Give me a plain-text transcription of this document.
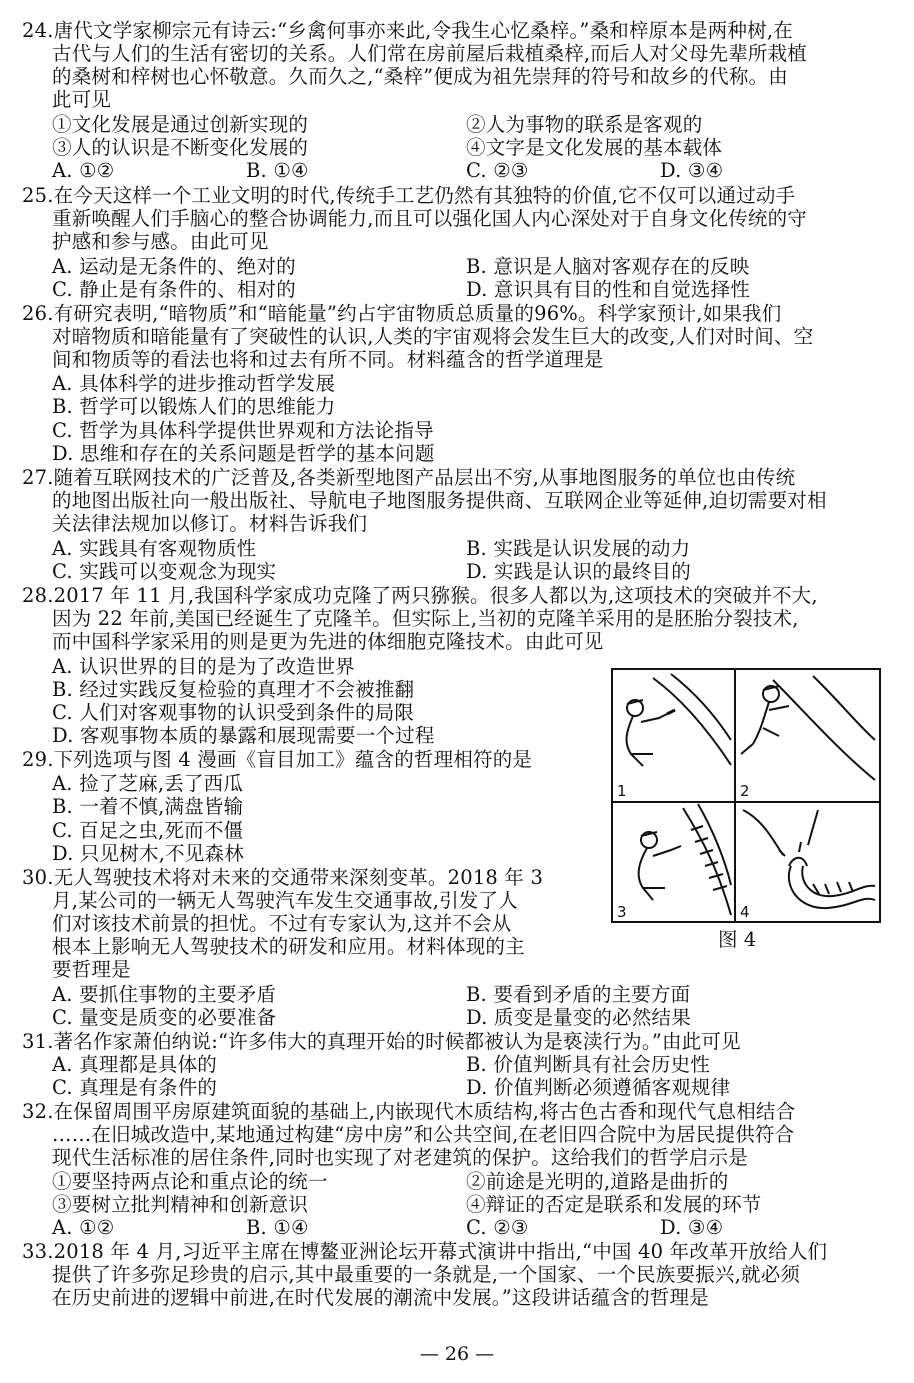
24.唐代文学家柳宗元有诗云:“乡禽何事亦来此,令我生心忆桑梓。”桑和梓原本是两种树,在
古代与人们的生活有密切的关系。人们常在房前屋后栽植桑梓,而后人对父母先辈所栽植
的桑树和梓树也心怀敬意。久而久之,“桑梓”便成为祖先崇拜的符号和故乡的代称。由
此可见
①文化发展是通过创新实现的	②人为事物的联系是客观的
③人的认识是不断变化发展的	④文字是文化发展的基本载体
A. ①②	B. ①④	C. ②③	D. ③④
25.在今天这样一个工业文明的时代,传统手工艺仍然有其独特的价值,它不仅可以通过动手
重新唤醒人们手脑心的整合协调能力,而且可以强化国人内心深处对于自身文化传统的守
护感和参与感。由此可见
A. 运动是无条件的、绝对的	B. 意识是人脑对客观存在的反映
C. 静止是有条件的、相对的	D. 意识具有目的性和自觉选择性
26.有研究表明,“暗物质”和“暗能量”约占宇宙物质总质量的96%。科学家预计,如果我们
对暗物质和暗能量有了突破性的认识,人类的宇宙观将会发生巨大的改变,人们对时间、空
间和物质等的看法也将和过去有所不同。材料蕴含的哲学道理是
A. 具体科学的进步推动哲学发展
B. 哲学可以锻炼人们的思维能力
C. 哲学为具体科学提供世界观和方法论指导
D. 思维和存在的关系问题是哲学的基本问题
27.随着互联网技术的广泛普及,各类新型地图产品层出不穷,从事地图服务的单位也由传统
的地图出版社向一般出版社、导航电子地图服务提供商、互联网企业等延伸,迫切需要对相
关法律法规加以修订。材料告诉我们
A. 实践具有客观物质性	B. 实践是认识发展的动力
C. 实践可以变观念为现实	D. 实践是认识的最终目的
28.2017 年 11 月,我国科学家成功克隆了两只猕猴。很多人都以为,这项技术的突破并不大,
因为 22 年前,美国已经诞生了克隆羊。但实际上,当初的克隆羊采用的是胚胎分裂技术,
而中国科学家采用的则是更为先进的体细胞克隆技术。由此可见
A. 认识世界的目的是为了改造世界
B. 经过实践反复检验的真理才不会被推翻
C. 人们对客观事物的认识受到条件的局限
D. 客观事物本质的暴露和展现需要一个过程
29.下列选项与图 4 漫画《盲目加工》蕴含的哲理相符的是
A. 捡了芝麻,丢了西瓜
B. 一着不慎,满盘皆输
C. 百足之虫,死而不僵
D. 只见树木,不见森林
30.无人驾驶技术将对未来的交通带来深刻变革。2018 年 3
月,某公司的一辆无人驾驶汽车发生交通事故,引发了人
们对该技术前景的担忧。不过有专家认为,这并不会从
根本上影响无人驾驶技术的研发和应用。材料体现的主
要哲理是
A. 要抓住事物的主要矛盾	B. 要看到矛盾的主要方面
C. 量变是质变的必要准备	D. 质变是量变的必然结果
31.著名作家萧伯纳说:“许多伟大的真理开始的时候都被认为是亵渎行为。”由此可见
A. 真理都是具体的	B. 价值判断具有社会历史性
C. 真理是有条件的	D. 价值判断必须遵循客观规律
32.在保留周围平房原建筑面貌的基础上,内嵌现代木质结构,将古色古香和现代气息相结合
……在旧城改造中,某地通过构建“房中房”和公共空间,在老旧四合院中为居民提供符合
现代生活标准的居住条件,同时也实现了对老建筑的保护。这给我们的哲学启示是
①要坚持两点论和重点论的统一	②前途是光明的,道路是曲折的
③要树立批判精神和创新意识	④辩证的否定是联系和发展的环节
A. ①②	B. ①④	C. ②③	D. ③④
33.2018 年 4 月,习近平主席在博鳌亚洲论坛开幕式演讲中指出,“中国 40 年改革开放给人们
提供了许多弥足珍贵的启示,其中最重要的一条就是,一个国家、一个民族要振兴,就必须
在历史前进的逻辑中前进,在时代发展的潮流中发展。”这段讲话蕴含的哲理是
1	2
3	4
图 4
— 26 —
